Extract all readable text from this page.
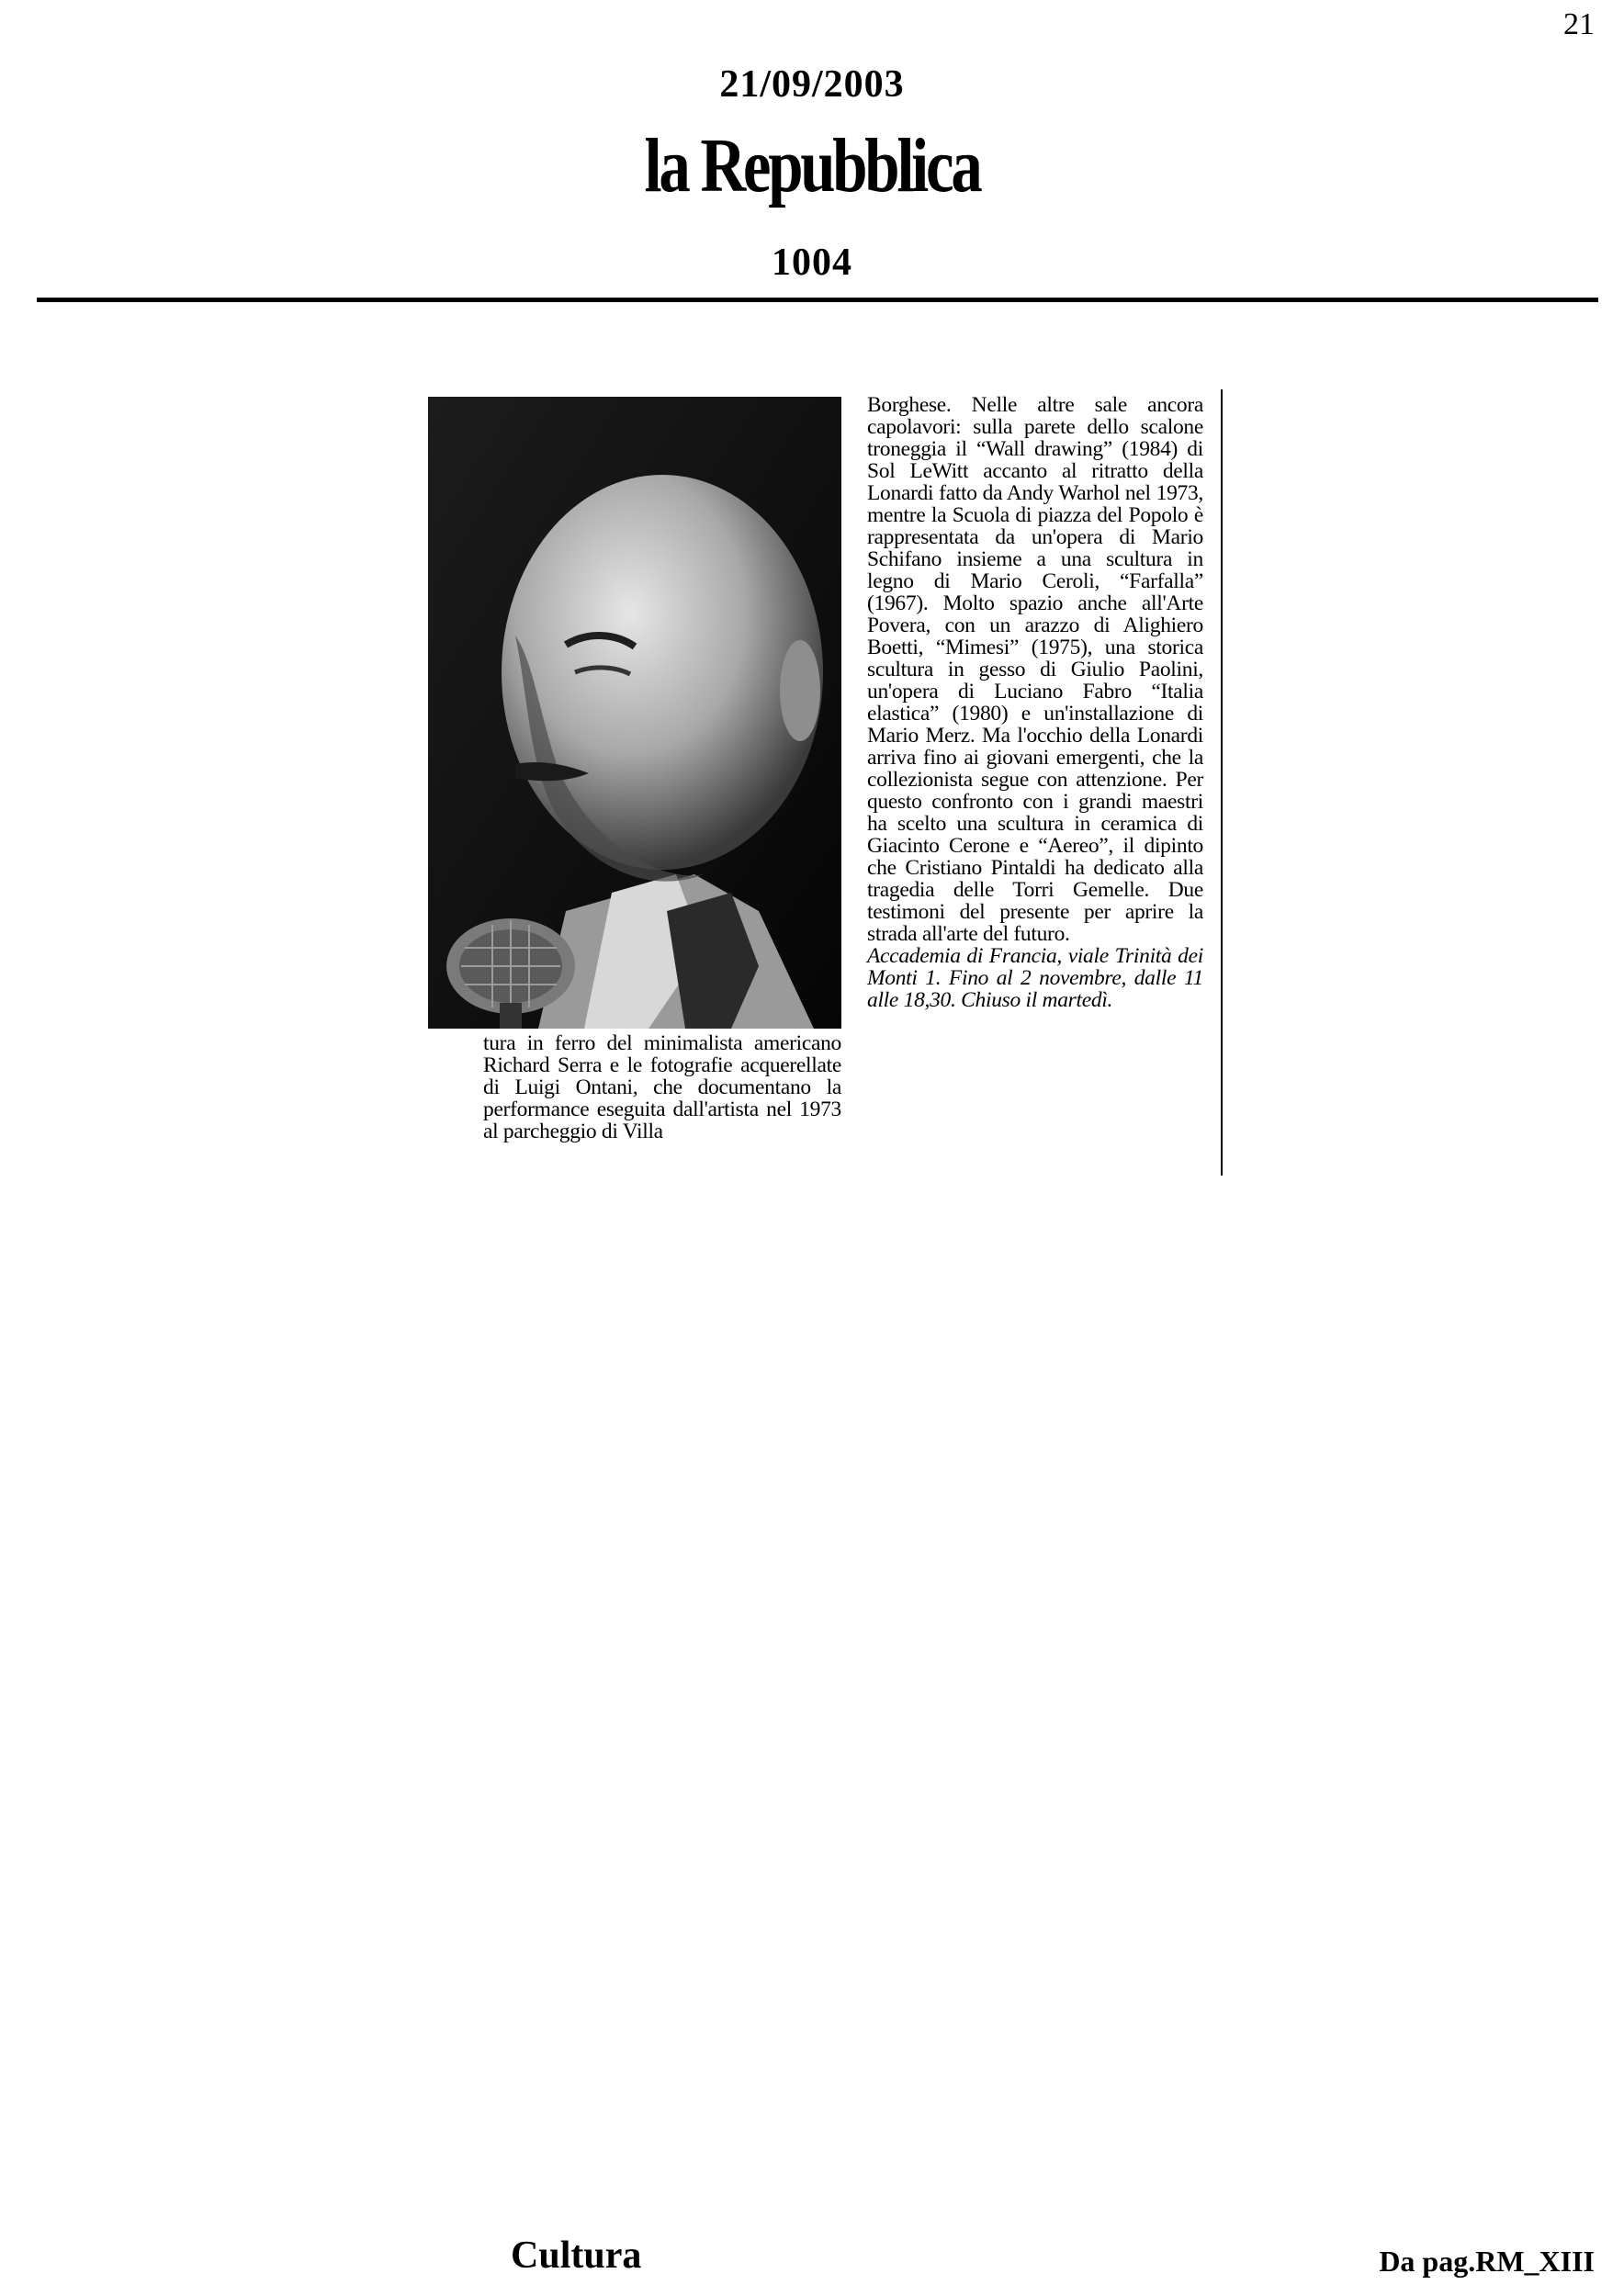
21
21/09/2003
la Repubblica
1004

tura in ferro del minimalista americano Richard Serra e le fotografie acquerellate di Luigi Ontani, che documentano la performance eseguita dall'artista nel 1973 al parcheggio di Villa

Borghese. Nelle altre sale ancora capolavori: sulla parete dello scalone troneggia il “Wall drawing” (1984) di Sol LeWitt accanto al ritratto della Lonardi fatto da Andy Warhol nel 1973, mentre la Scuola di piazza del Popolo è rappresentata da un'opera di Mario Schifano insieme a una scultura in legno di Mario Ceroli, “Farfalla” (1967). Molto spazio anche all'Arte Povera, con un arazzo di Alighiero Boetti, “Mimesi” (1975), una storica scultura in gesso di Giulio Paolini, un'opera di Luciano Fabro “Italia elastica” (1980) e un'installazione di Mario Merz. Ma l'occhio della Lonardi arriva fino ai giovani emergenti, che la collezionista segue con attenzione. Per questo confronto con i grandi maestri ha scelto una scultura in ceramica di Giacinto Cerone e “Aereo”, il dipinto che Cristiano Pintaldi ha dedicato alla tragedia delle Torri Gemelle. Due testimoni del presente per aprire la strada all'arte del futuro.

Accademia di Francia, viale Trinità dei Monti 1. Fino al 2 novembre, dalle 11 alle 18,30. Chiuso il martedì.

Cultura	Da pag.RM_XIII
